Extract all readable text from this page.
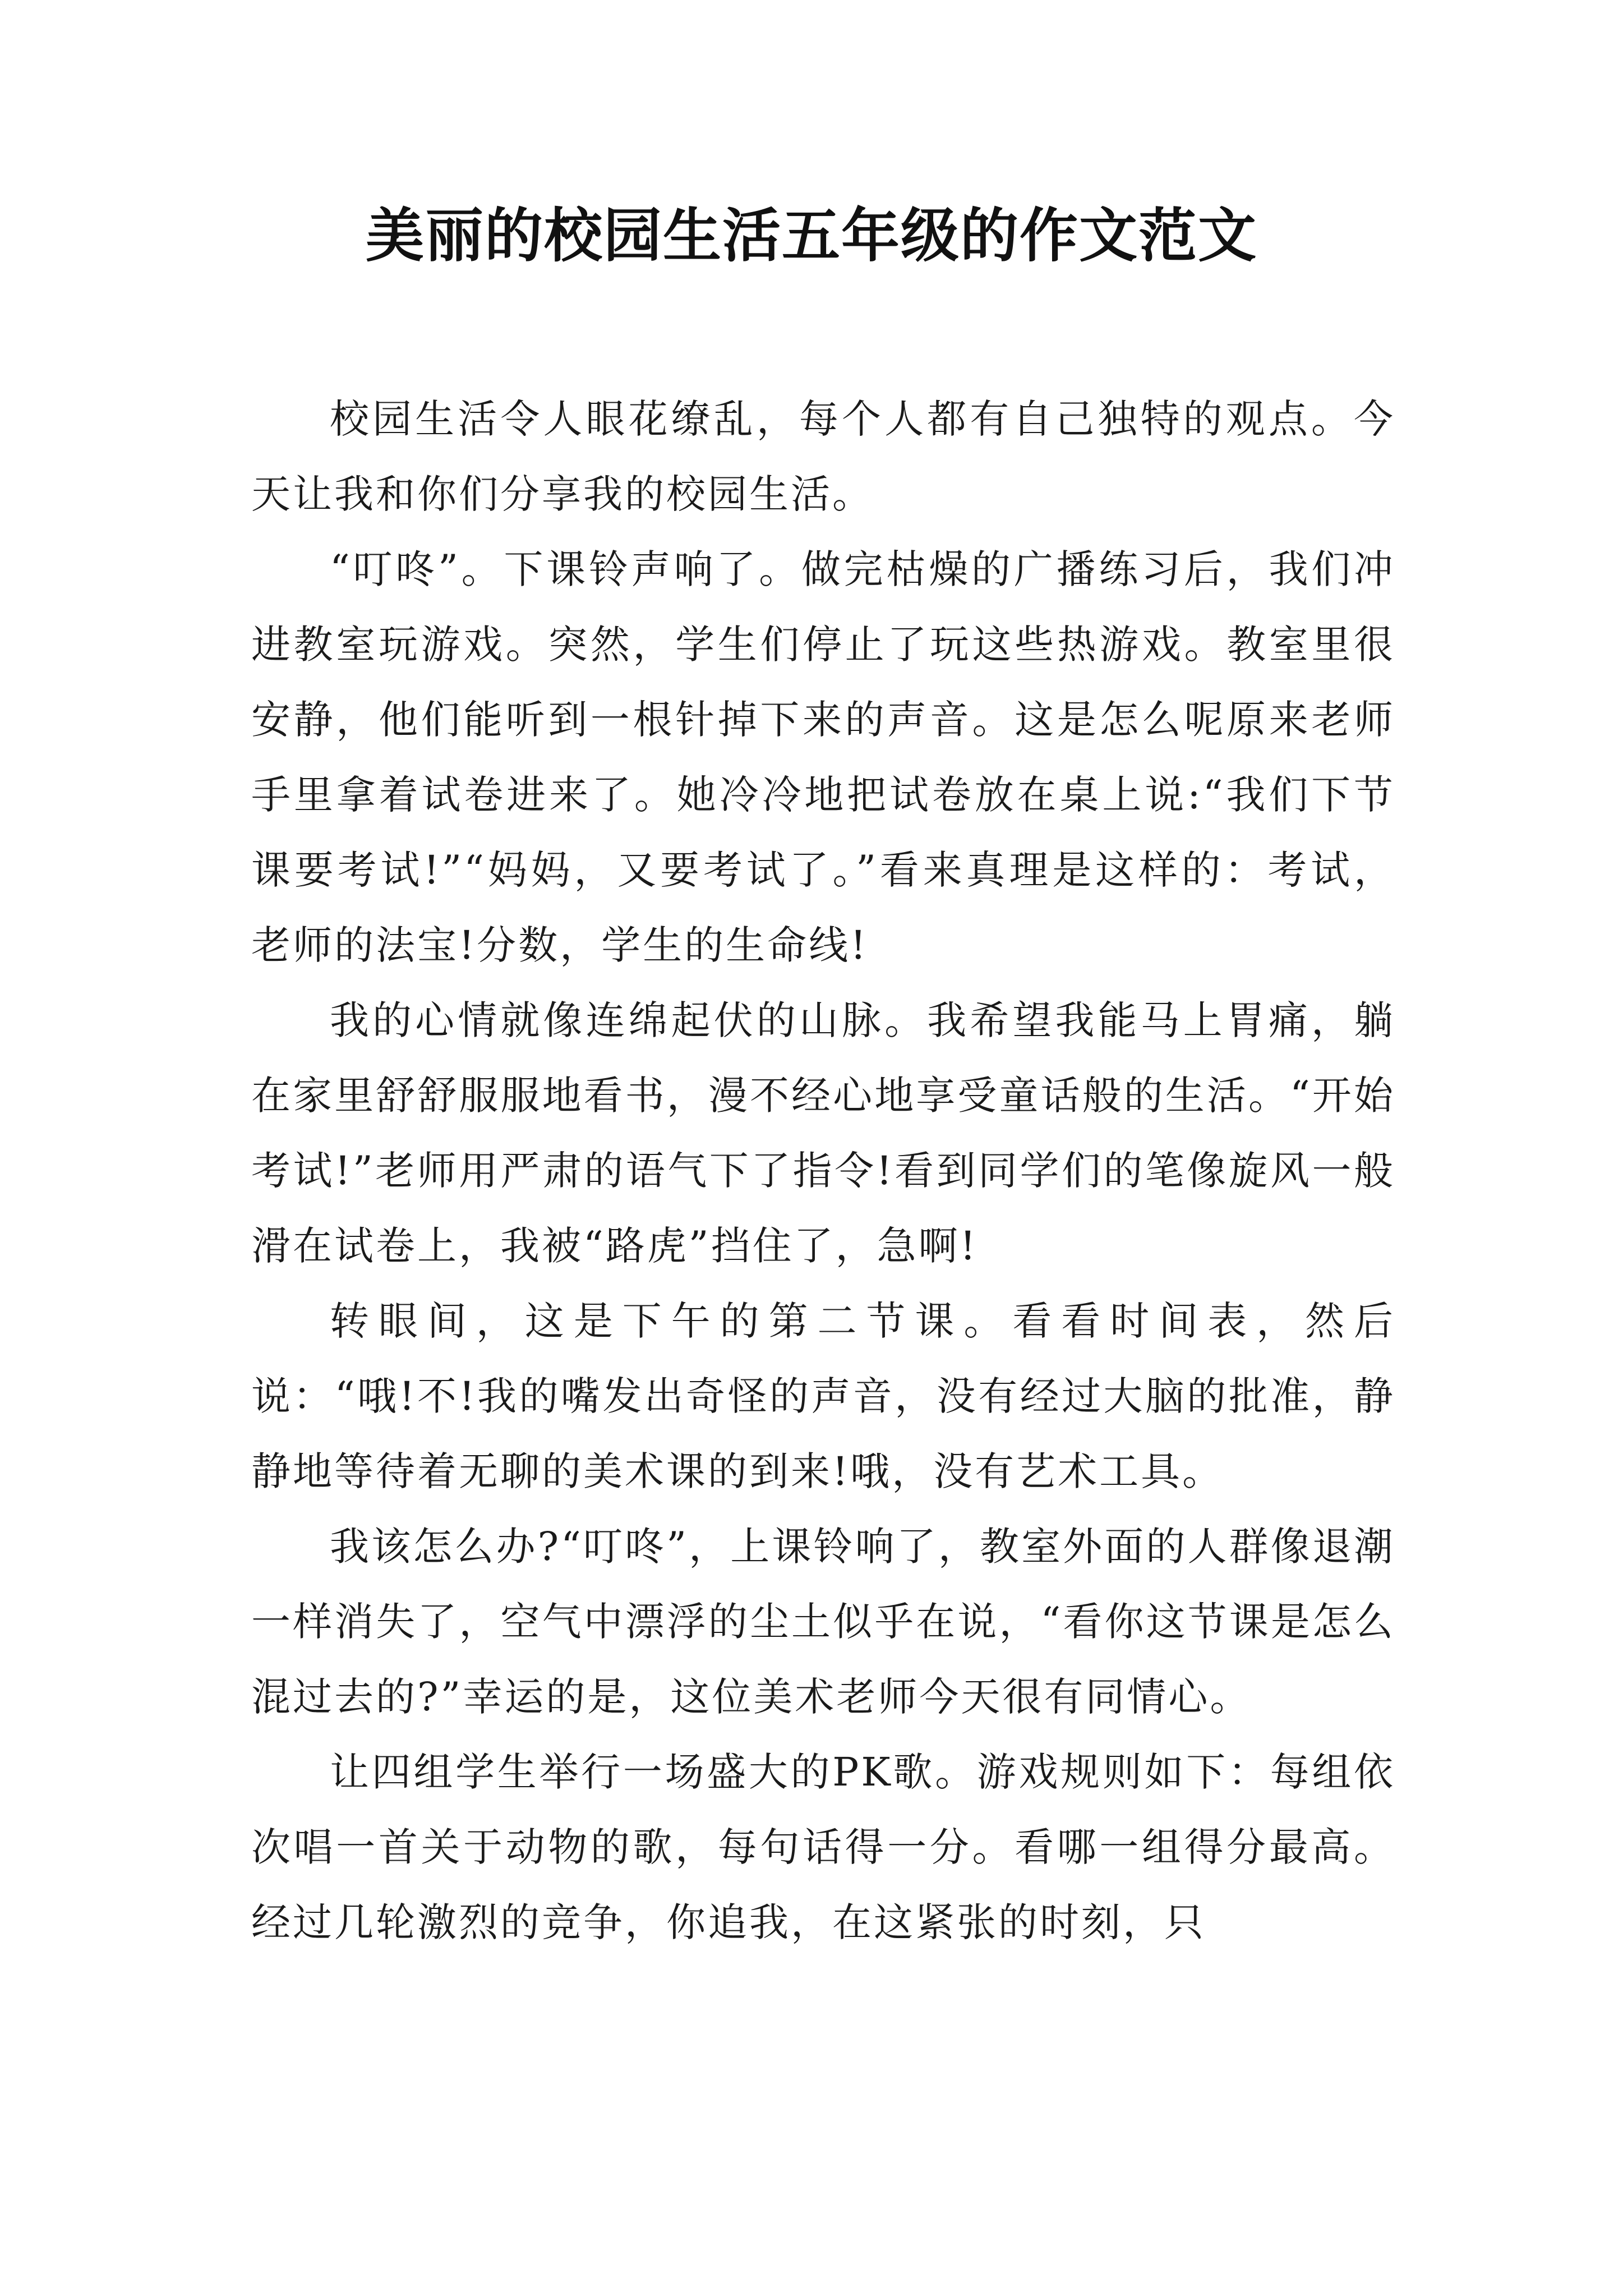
美丽的校园生活五年级的作文范文

校园生活令人眼花缭乱，每个人都有自己独特的观点。今天让我和你们分享我的校园生活。

“叮咚”。下课铃声响了。做完枯燥的广播练习后，我们冲进教室玩游戏。突然，学生们停止了玩这些热游戏。教室里很安静，他们能听到一根针掉下来的声音。这是怎么呢原来老师手里拿着试卷进来了。她冷冷地把试卷放在桌上说:“我们下节课要考试!”“妈妈，又要考试了。”看来真理是这样的：考试，老师的法宝!分数，学生的生命线!

我的心情就像连绵起伏的山脉。我希望我能马上胃痛，躺在家里舒舒服服地看书，漫不经心地享受童话般的生活。“开始考试!”老师用严肃的语气下了指令!看到同学们的笔像旋风一般滑在试卷上，我被“路虎”挡住了，急啊!

转眼间，这是下午的第二节课。看看时间表，然后说：“哦!不!我的嘴发出奇怪的声音，没有经过大脑的批准，静静地等待着无聊的美术课的到来!哦，没有艺术工具。

我该怎么办?“叮咚”，上课铃响了，教室外面的人群像退潮一样消失了，空气中漂浮的尘土似乎在说，“看你这节课是怎么混过去的?”幸运的是，这位美术老师今天很有同情心。

让四组学生举行一场盛大的PK歌。游戏规则如下：每组依次唱一首关于动物的歌，每句话得一分。看哪一组得分最高。经过几轮激烈的竞争，你追我，在这紧张的时刻，只
